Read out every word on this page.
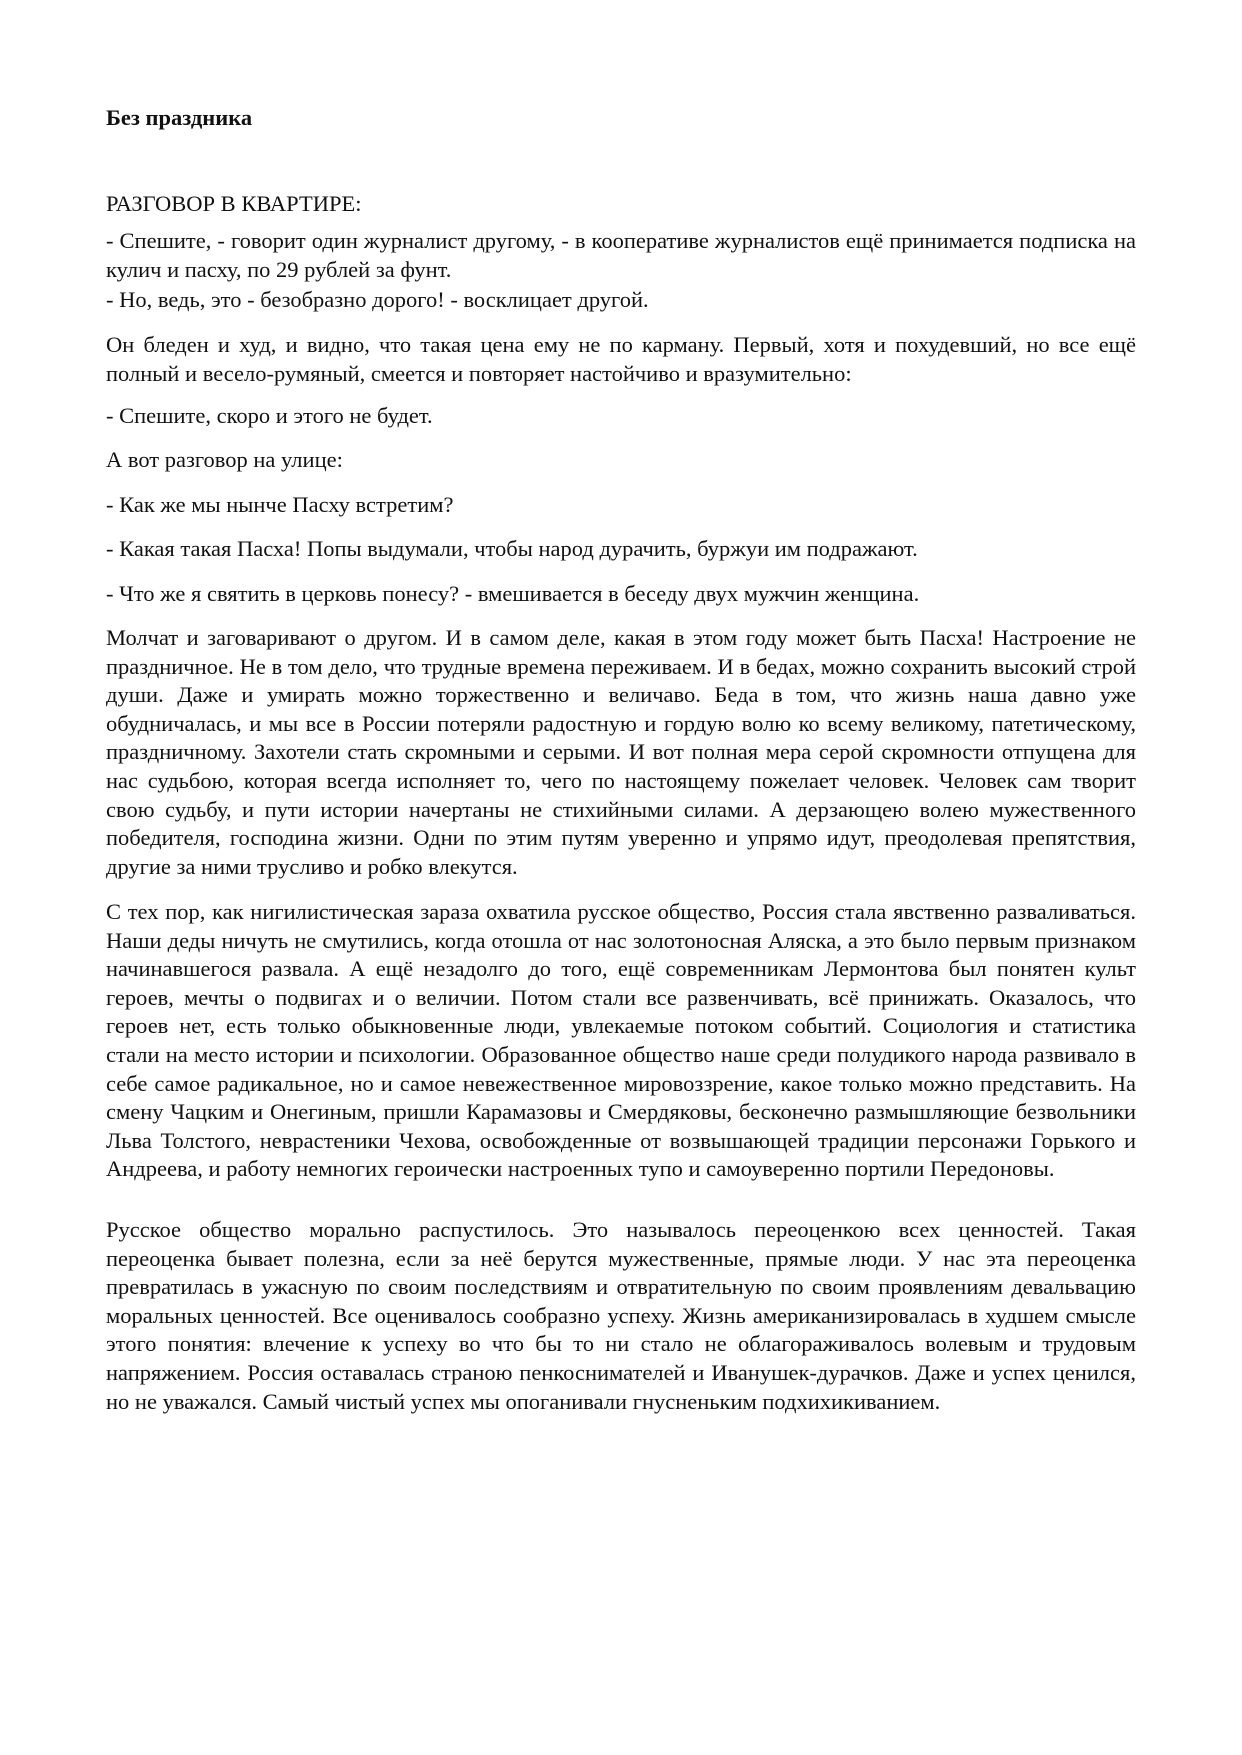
Без праздника

РАЗГОВОР В КВАРТИРЕ:

- Спешите, - говорит один журналист другому, - в кооперативе журналистов ещё принимается подписка на кулич и пасху, по 29 рублей за фунт.

- Но, ведь, это - безобразно дорого! - восклицает другой.

Он бледен и худ, и видно, что такая цена ему не по карману. Первый, хотя и похудевший, но все ещё полный и весело-румяный, смеется и повторяет настойчиво и вразумительно:

- Спешите, скоро и этого не будет.

А вот разговор на улице:

- Как же мы нынче Пасху встретим?

- Какая такая Пасха! Попы выдумали, чтобы народ дурачить, буржуи им подражают.

- Что же я святить в церковь понесу? - вмешивается в беседу двух мужчин женщина.

Молчат и заговаривают о другом. И в самом деле, какая в этом году может быть Пасха! Настроение не праздничное. Не в том дело, что трудные времена переживаем. И в бедах, можно сохранить высокий строй души. Даже и умирать можно торжественно и величаво. Беда в том, что жизнь наша давно уже обудничалась, и мы все в России потеряли радостную и гордую волю ко всему великому, патетическому, праздничному. Захотели стать скромными и серыми. И вот полная мера серой скромности отпущена для нас судьбою, которая всегда исполняет то, чего по настоящему пожелает человек. Человек сам творит свою судьбу, и пути истории начертаны не стихийными силами. А дерзающею волею мужественного победителя, господина жизни. Одни по этим путям уверенно и упрямо идут, преодолевая препятствия, другие за ними трусливо и робко влекутся.

С тех пор, как нигилистическая зараза охватила русское общество, Россия стала явственно разваливаться. Наши деды ничуть не смутились, когда отошла от нас золотоносная Аляска, а это было первым признаком начинавшегося развала. А ещё незадолго до того, ещё современникам Лермонтова был понятен культ героев, мечты о подвигах и о величии. Потом стали все развенчивать, всё принижать. Оказалось, что героев нет, есть только обыкновенные люди, увлекаемые потоком событий. Социология и статистика стали на место истории и психологии. Образованное общество наше среди полудикого народа развивало в себе самое радикальное, но и самое невежественное мировоззрение, какое только можно представить. На смену Чацким и Онегиным, пришли Карамазовы и Смердяковы, бесконечно размышляющие безвольники Льва Толстого, неврастеники Чехова, освобожденные от возвышающей традиции персонажи Горького и Андреева, и работу немногих героически настроенных тупо и самоуверенно портили Передоновы.

Русское общество морально распустилось. Это называлось переоценкою всех ценностей. Такая переоценка бывает полезна, если за неё берутся мужественные, прямые люди. У нас эта переоценка превратилась в ужасную по своим последствиям и отвратительную по своим проявлениям девальвацию моральных ценностей. Все оценивалось сообразно успеху. Жизнь американизировалась в худшем смысле этого понятия: влечение к успеху во что бы то ни стало не облагораживалось волевым и трудовым напряжением. Россия оставалась страною пенкоснимателей и Иванушек-дурачков. Даже и успех ценился, но не уважался. Самый чистый успех мы опоганивали гнусненьким подхихикиванием.
